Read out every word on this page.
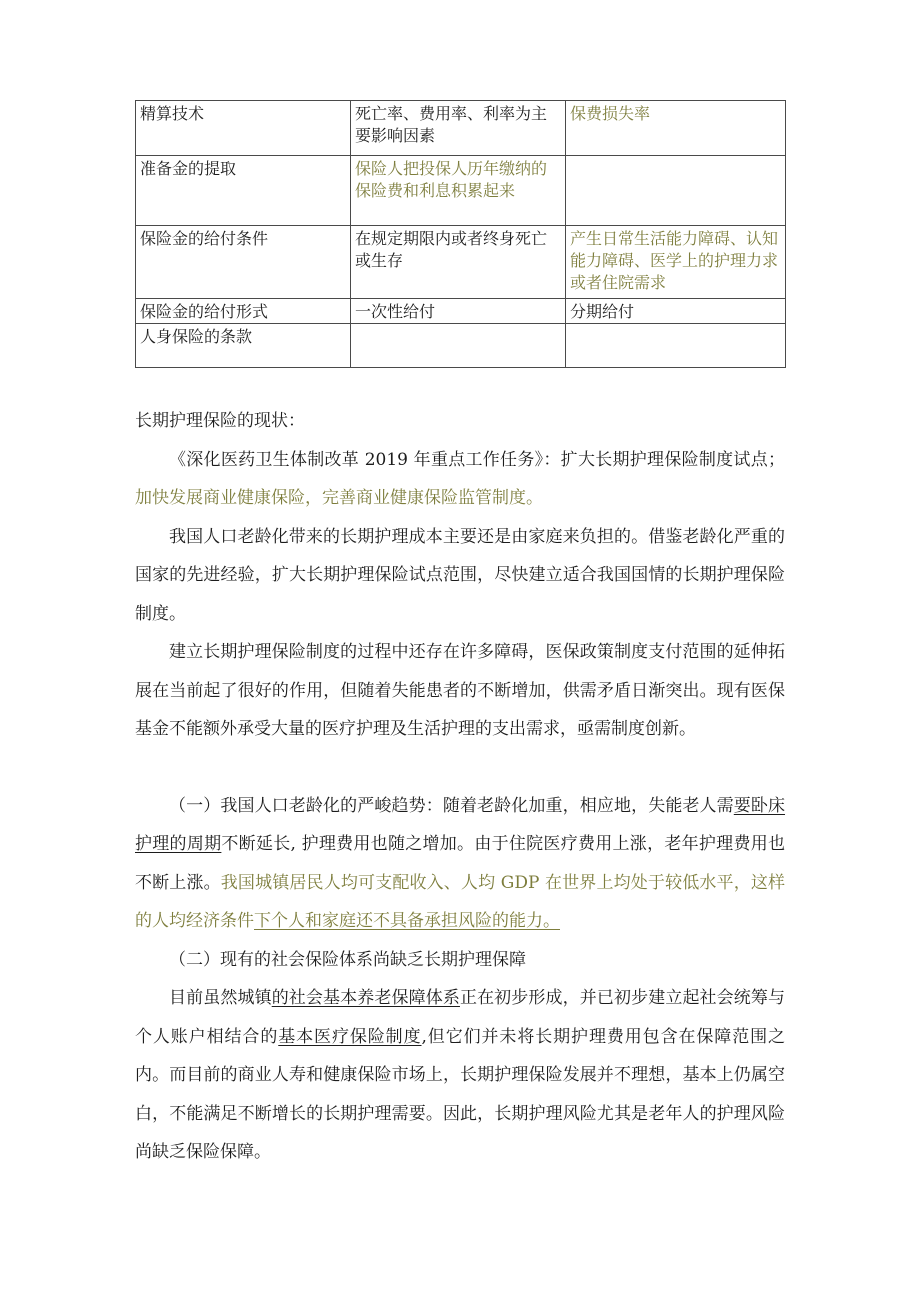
精算技术	死亡率、费用率、利率为主要影响因素	保费损失率
准备金的提取	保险人把投保人历年缴纳的保险费和利息积累起来	
保险金的给付条件	在规定期限内或者终身死亡或生存	产生日常生活能力障碍、认知能力障碍、医学上的护理力求或者住院需求
保险金的给付形式	一次性给付	分期给付
人身保险的条款		

长期护理保险的现状：

《深化医药卫生体制改革 2019 年重点工作任务》：扩大长期护理保险制度试点；加快发展商业健康保险，完善商业健康保险监管制度。

我国人口老龄化带来的长期护理成本主要还是由家庭来负担的。借鉴老龄化严重的国家的先进经验，扩大长期护理保险试点范围，尽快建立适合我国国情的长期护理保险制度。

建立长期护理保险制度的过程中还存在许多障碍，医保政策制度支付范围的延伸拓展在当前起了很好的作用，但随着失能患者的不断增加，供需矛盾日渐突出。现有医保基金不能额外承受大量的医疗护理及生活护理的支出需求，亟需制度创新。

（一）我国人口老龄化的严峻趋势：随着老龄化加重，相应地，失能老人需要卧床护理的周期不断延长, 护理费用也随之增加。由于住院医疗费用上涨，老年护理费用也不断上涨。我国城镇居民人均可支配收入、人均 GDP 在世界上均处于较低水平，这样的人均经济条件下个人和家庭还不具备承担风险的能力。

（二）现有的社会保险体系尚缺乏长期护理保障

目前虽然城镇的社会基本养老保障体系正在初步形成，并已初步建立起社会统筹与个人账户相结合的基本医疗保险制度,但它们并未将长期护理费用包含在保障范围之内。而目前的商业人寿和健康保险市场上，长期护理保险发展并不理想，基本上仍属空白，不能满足不断增长的长期护理需要。因此，长期护理风险尤其是老年人的护理风险尚缺乏保险保障。
